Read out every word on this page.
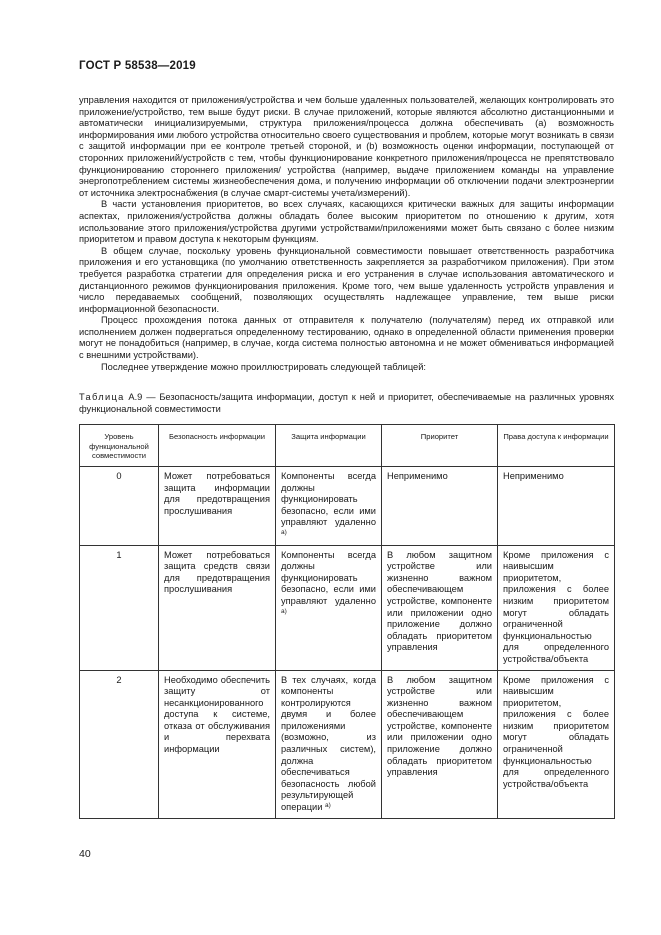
ГОСТ Р 58538—2019

управления находится от приложения/устройства и чем больше удаленных пользователей, желающих контролировать это приложение/устройство, тем выше будут риски. В случае приложений, которые являются абсолютно дистанционными и автоматически инициализируемыми, структура приложения/процесса должна обеспечивать (a) возможность информирования ими любого устройства относительно своего существования и проблем, которые могут возникать в связи с защитой информации при ее контроле третьей стороной, и (b) возможность оценки информации, поступающей от сторонних приложений/устройств с тем, чтобы функционирование конкретного приложения/процесса не препятствовало функционированию стороннего приложения/ устройства (например, выдаче приложением команды на управление энергопотреблением системы жизнеобеспечения дома, и получению информации об отключении подачи электроэнергии от источника электроснабжения (в случае смарт-системы учета/измерений).

В части установления приоритетов, во всех случаях, касающихся критически важных для защиты информации аспектах, приложения/устройства должны обладать более высоким приоритетом по отношению к другим, хотя использование этого приложения/устройства другими устройствами/приложениями может быть связано с более низким приоритетом и правом доступа к некоторым функциям.

В общем случае, поскольку уровень функциональной совместимости повышает ответственность разработчика приложения и его установщика (по умолчанию ответственность закрепляется за разработчиком приложения). При этом требуется разработка стратегии для определения риска и его устранения в случае использования автоматического и дистанционного режимов функционирования приложения. Кроме того, чем выше удаленность устройств управления и число передаваемых сообщений, позволяющих осуществлять надлежащее управление, тем выше риски информационной безопасности.

Процесс прохождения потока данных от отправителя к получателю (получателям) перед их отправкой или исполнением должен подвергаться определенному тестированию, однако в определенной области применения проверки могут не понадобиться (например, в случае, когда система полностью автономна и не может обмениваться информацией с внешними устройствами).

Последнее утверждение можно проиллюстрировать следующей таблицей:

Таблица А.9 — Безопасность/защита информации, доступ к ней и приоритет, обеспечиваемые на различных уровнях функциональной совместимости
Уровень функциональной совместимости	Безопасность информации	Защита информации	Приоритет	Права доступа к информации
0	Может потребоваться защита информации для предотвращения прослушивания	Компоненты всегда должны функционировать безопасно, если ими управляют удаленно $^{а)}$	Неприменимо	Неприменимо
1	Может потребоваться защита средств связи для предотвращения прослушивания	Компоненты всегда должны функционировать безопасно, если ими управляют удаленно $^{а)}$	В любом защитном устройстве или жизненно важном обеспечивающем устройстве, компоненте или приложении одно приложение должно обладать приоритетом управления	Кроме приложения с наивысшим приоритетом, приложения с более низким приоритетом могут обладать ограниченной функциональностью для определенного устройства/объекта
2	Необходимо обеспечить защиту от несанкционированного доступа к системе, отказа от обслуживания и перехвата информации	В тех случаях, когда компоненты контролируются двумя и более приложениями (возможно, из различных систем), должна обеспечиваться безопасность любой результирующей операции $^{а)}$	В любом защитном устройстве или жизненно важном обеспечивающем устройстве, компоненте или приложении одно приложение должно обладать приоритетом управления	Кроме приложения с наивысшим приоритетом, приложения с более низким приоритетом могут обладать ограниченной функциональностью для определенного устройства/объекта
40
